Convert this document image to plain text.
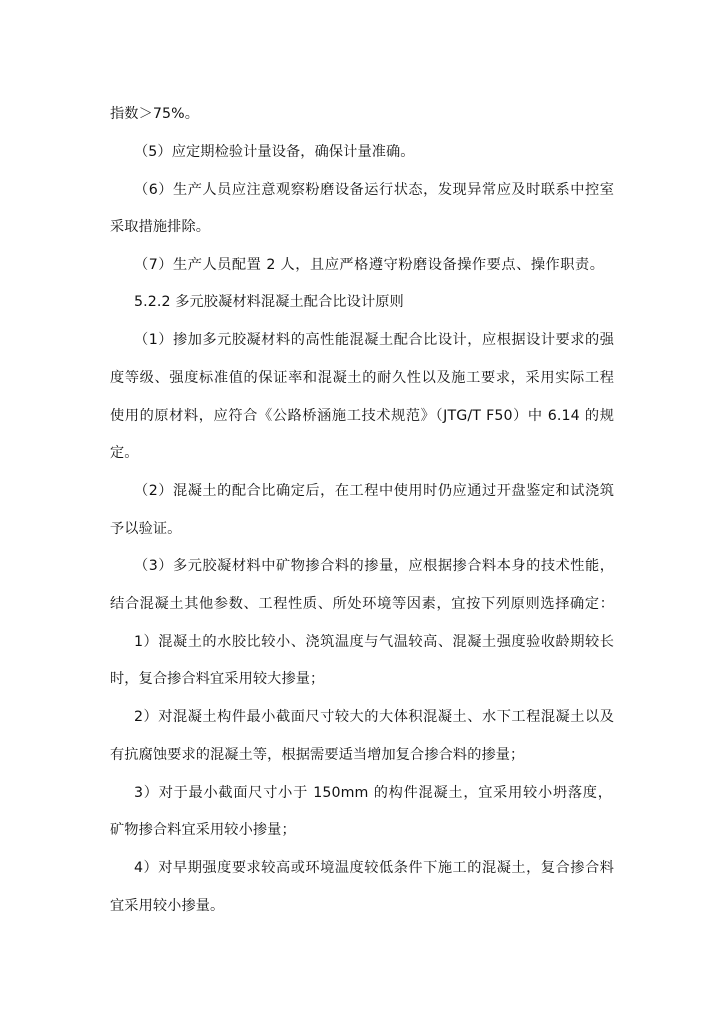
指数＞75%。
（5）应定期检验计量设备，确保计量准确。
（6）生产人员应注意观察粉磨设备运行状态，发现异常应及时联系中控室
采取措施排除。
（7）生产人员配置 2 人，且应严格遵守粉磨设备操作要点、操作职责。
5.2.2 多元胶凝材料混凝土配合比设计原则
（1）掺加多元胶凝材料的高性能混凝土配合比设计，应根据设计要求的强
度等级、强度标准值的保证率和混凝土的耐久性以及施工要求，采用实际工程
使用的原材料，应符合《公路桥涵施工技术规范》（JTG/T F50）中 6.14 的规
定。
（2）混凝土的配合比确定后，在工程中使用时仍应通过开盘鉴定和试浇筑
予以验证。
（3）多元胶凝材料中矿物掺合料的掺量，应根据掺合料本身的技术性能，
结合混凝土其他参数、工程性质、所处环境等因素，宜按下列原则选择确定：
1）混凝土的水胶比较小、浇筑温度与气温较高、混凝土强度验收龄期较长
时，复合掺合料宜采用较大掺量；
2）对混凝土构件最小截面尺寸较大的大体积混凝土、水下工程混凝土以及
有抗腐蚀要求的混凝土等，根据需要适当增加复合掺合料的掺量；
3）对于最小截面尺寸小于 150mm 的构件混凝土，宜采用较小坍落度，
矿物掺合料宜采用较小掺量；
4）对早期强度要求较高或环境温度较低条件下施工的混凝土，复合掺合料
宜采用较小掺量。
